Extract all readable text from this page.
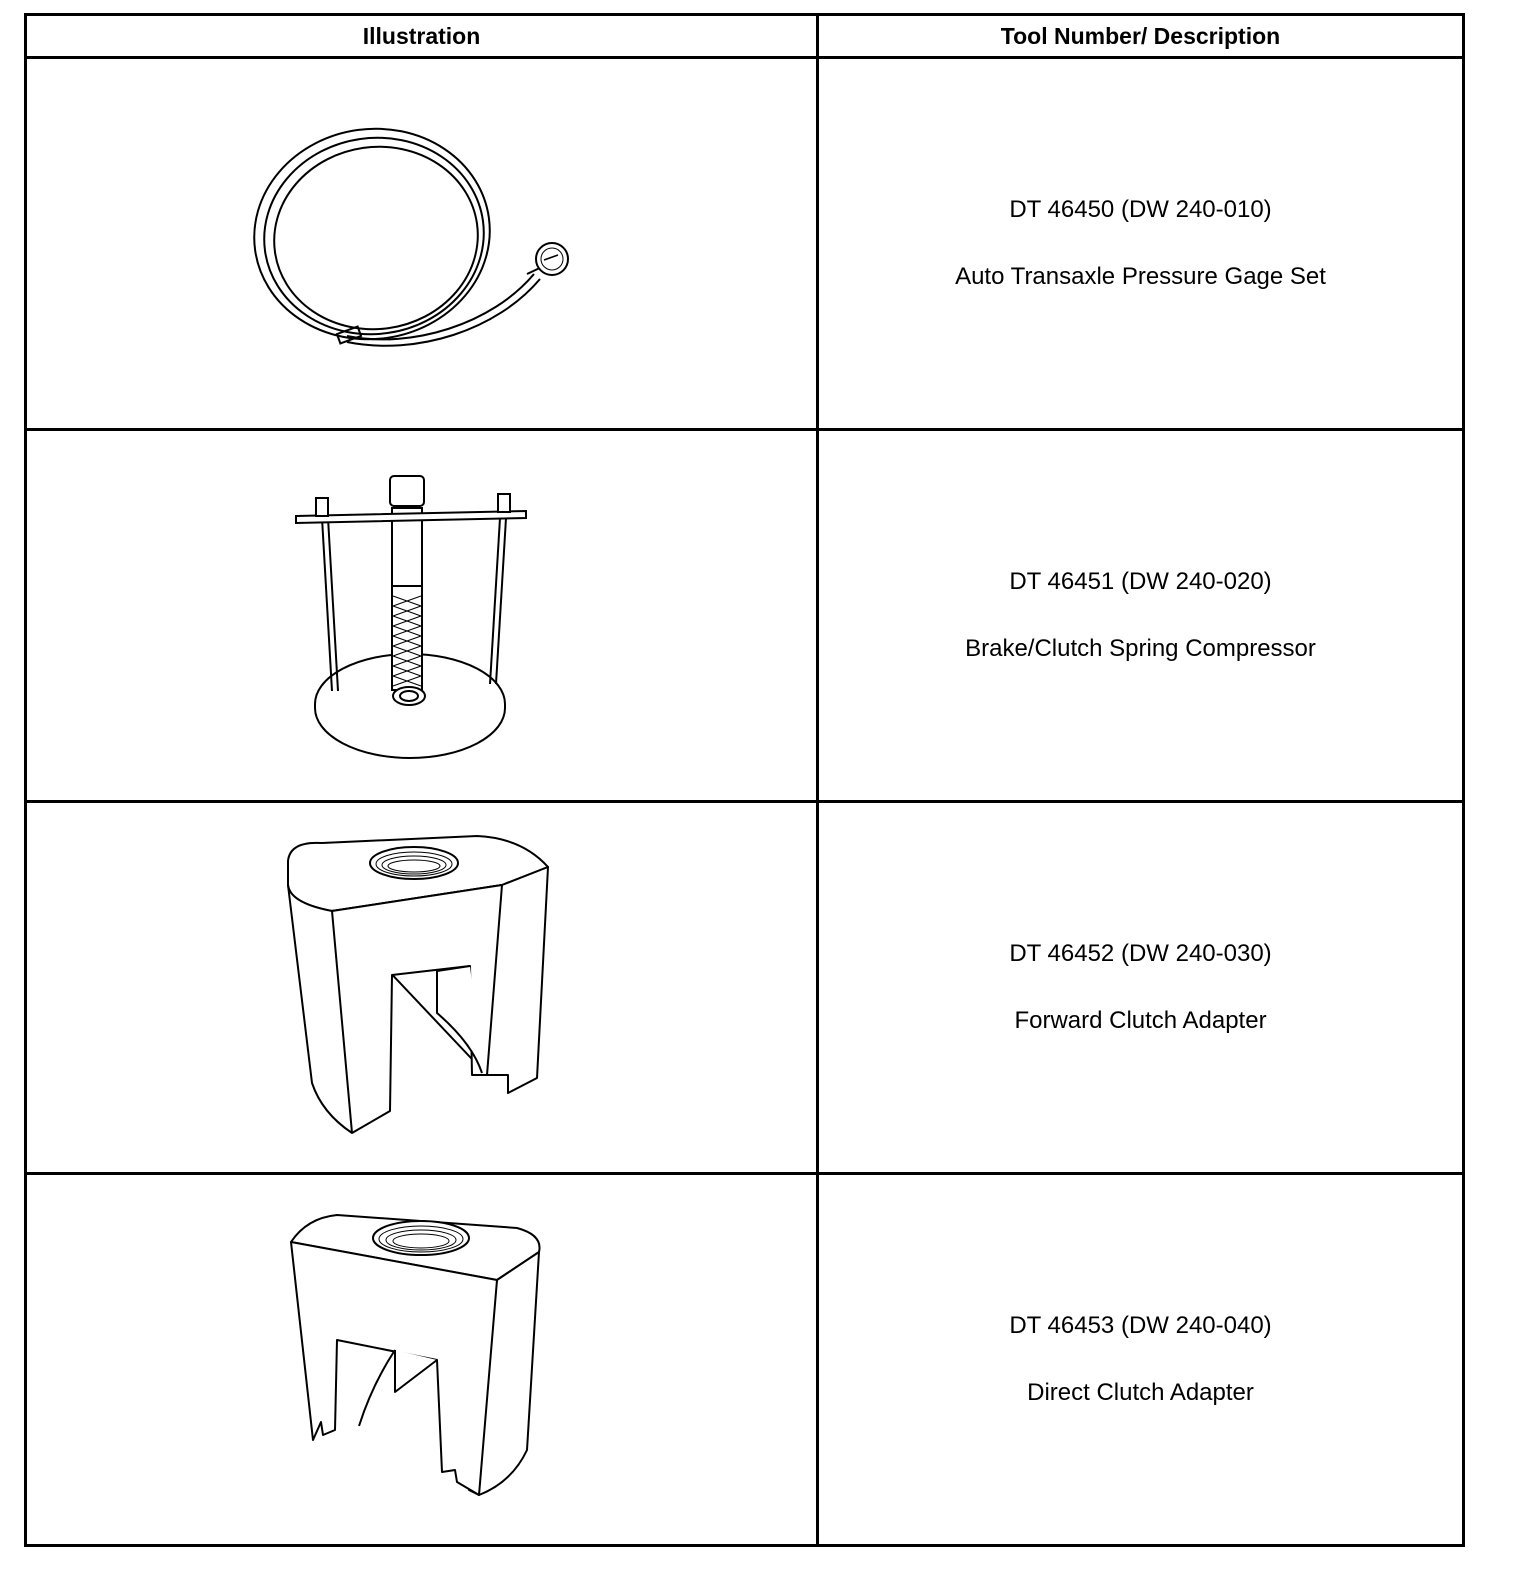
Illustration	Tool Number/ Description

DT 46450 (DW 240-010)

Auto Transaxle Pressure Gage Set

DT 46451 (DW 240-020)

Brake/Clutch Spring Compressor

DT 46452 (DW 240-030)

Forward Clutch Adapter

DT 46453 (DW 240-040)

Direct Clutch Adapter
